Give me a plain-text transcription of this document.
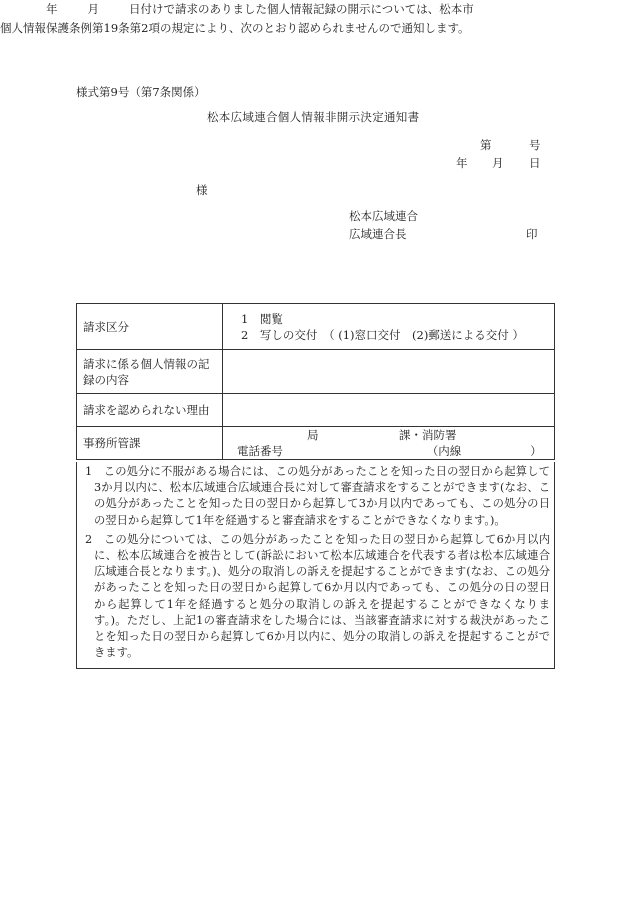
様式第9号（第7条関係）
松本広域連合個人情報非開示決定通知書
第	号
年 月 日
様
松本広域連合
広域連合長	印

年	月	日付けで請求のありました個人情報記録の開示については、松本市

個人情報保護条例第19条第2項の規定により、次のとおり認められませんので通知します。

請求区分	1　閲覧
2　写しの交付　（ (1)窓口交付　(2)郵送による交付 ）

請求に係る個人情報の記録の内容	
請求を認められない理由	
事務所管課	局　　　　　　　課・消防署
電話番号　　　　　　　　　　　　　（内線　　　　　　）

1　この処分に不服がある場合には、この処分があったことを知った日の翌日から起算して3か月以内に、松本広域連合広域連合長に対して審査請求をすることができます(なお、この処分があったことを知った日の翌日から起算して3か月以内であっても、この処分の日の翌日から起算して1年を経過すると審査請求をすることができなくなります。)。

2　この処分については、この処分があったことを知った日の翌日から起算して6か月以内に、松本広域連合を被告として(訴訟において松本広域連合を代表する者は松本広域連合広域連合長となります。)、処分の取消しの訴えを提起することができます(なお、この処分があったことを知った日の翌日から起算して6か月以内であっても、この処分の日の翌日から起算して1年を経過すると処分の取消しの訴えを提起することができなくなります。)。ただし、上記1の審査請求をした場合には、当該審査請求に対する裁決があったことを知った日の翌日から起算して6か月以内に、処分の取消しの訴えを提起することができます。
